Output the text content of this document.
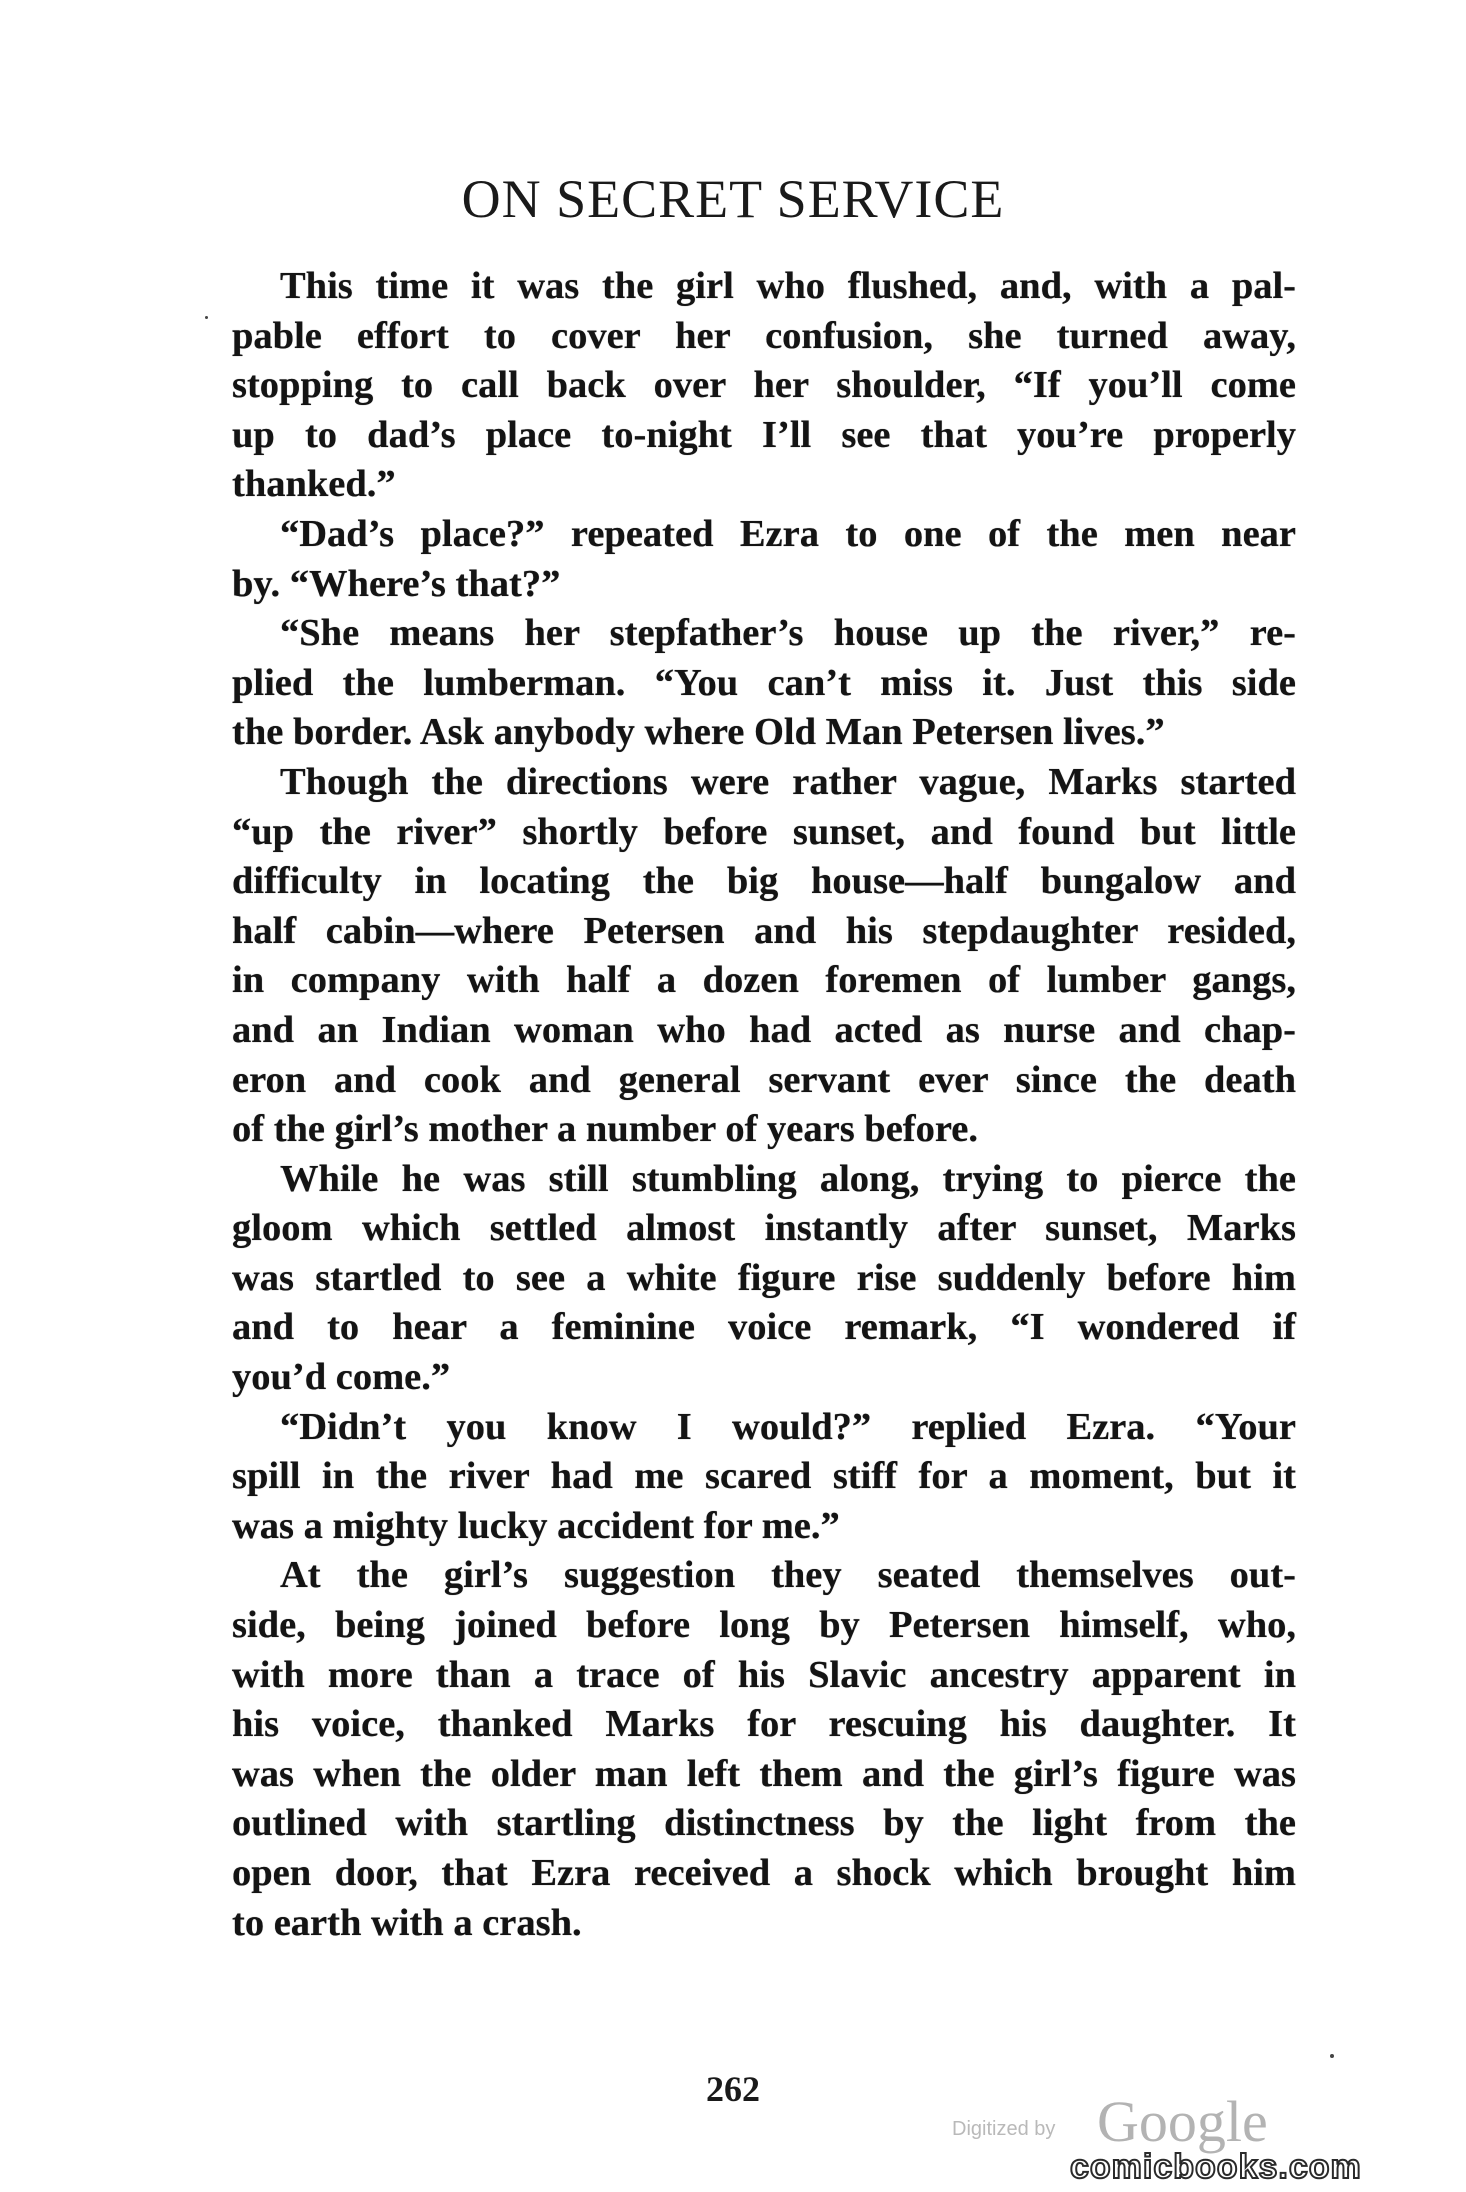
ON SECRET SERVICE
This time it was the girl who flushed, and, with a pal-
pable effort to cover her confusion, she turned away,
stopping to call back over her shoulder, “If you’ll come
up to dad’s place to-night I’ll see that you’re properly
thanked.”
“Dad’s place?” repeated Ezra to one of the men near
by. “Where’s that?”
“She means her stepfather’s house up the river,” re-
plied the lumberman. “You can’t miss it. Just this side
the border. Ask anybody where Old Man Petersen lives.”
Though the directions were rather vague, Marks started
“up the river” shortly before sunset, and found but little
difficulty in locating the big house—half bungalow and
half cabin—where Petersen and his stepdaughter resided,
in company with half a dozen foremen of lumber gangs,
and an Indian woman who had acted as nurse and chap-
eron and cook and general servant ever since the death
of the girl’s mother a number of years before.
While he was still stumbling along, trying to pierce the
gloom which settled almost instantly after sunset, Marks
was startled to see a white figure rise suddenly before him
and to hear a feminine voice remark, “I wondered if
you’d come.”
“Didn’t you know I would?” replied Ezra. “Your
spill in the river had me scared stiff for a moment, but it
was a mighty lucky accident for me.”
At the girl’s suggestion they seated themselves out-
side, being joined before long by Petersen himself, who,
with more than a trace of his Slavic ancestry apparent in
his voice, thanked Marks for rescuing his daughter. It
was when the older man left them and the girl’s figure was
outlined with startling distinctness by the light from the
open door, that Ezra received a shock which brought him
to earth with a crash.
262
Digitized by Google
comicbooks.com
